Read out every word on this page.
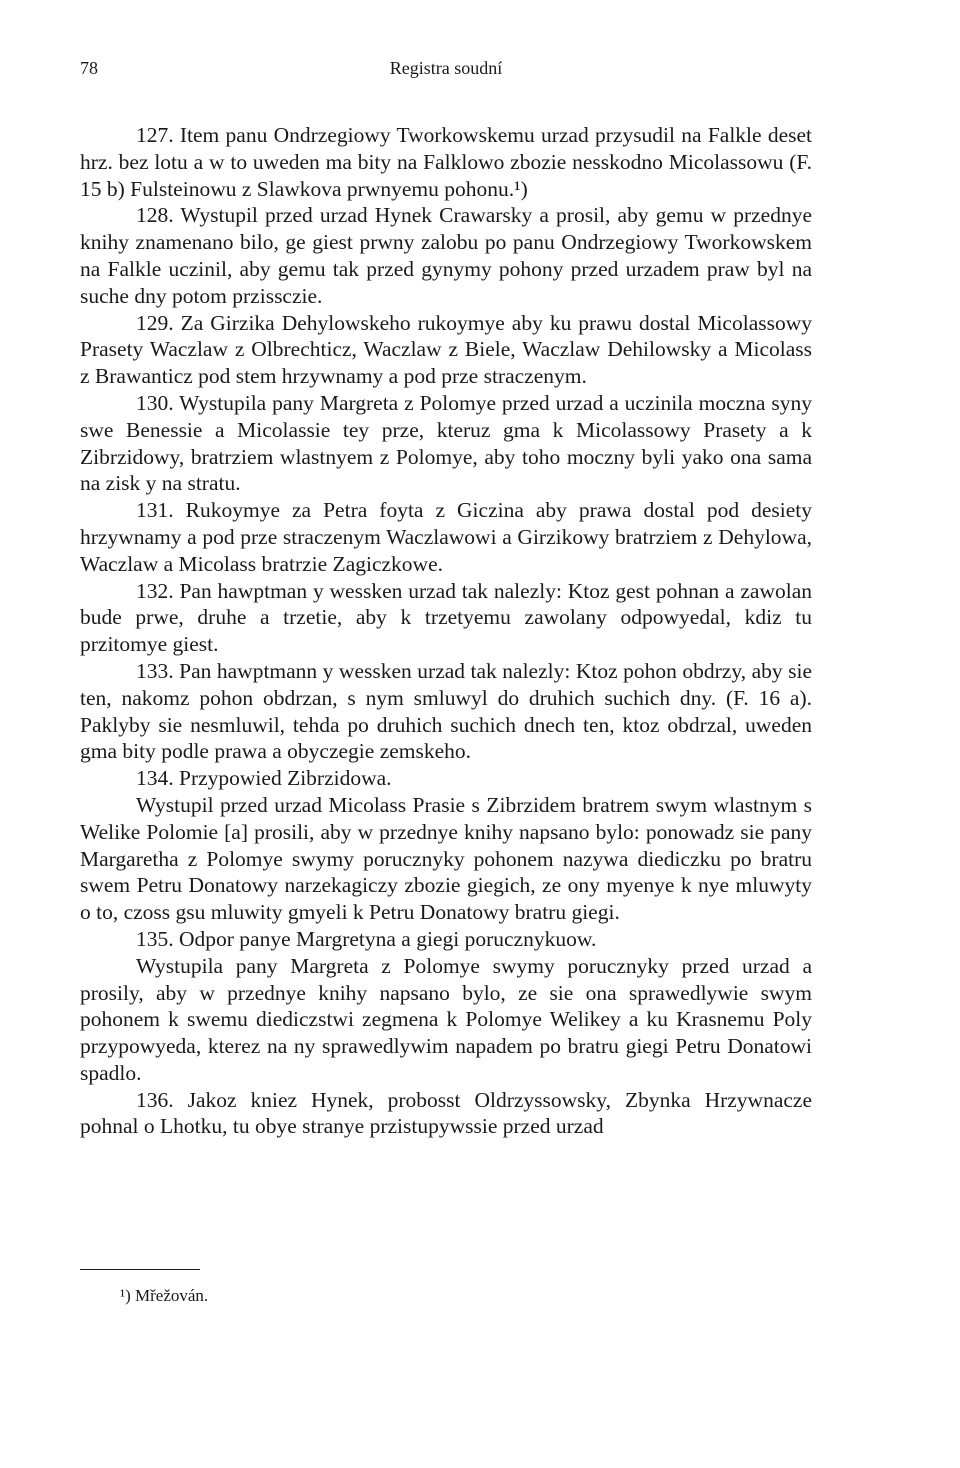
78	Registra soudní

127. Item panu Ondrzegiowy Tworkowskemu urzad przysudil na Falkle deset hrz. bez lotu a w to uweden ma bity na Falklowo zbozie nesskodno Micolassowu (F. 15 b) Fulsteinowu z Slawkova prwnyemu pohonu.¹)

128. Wystupil przed urzad Hynek Crawarsky a prosil, aby gemu w przednye knihy znamenano bilo, ge giest prwny zalobu po panu Ondrzegiowy Tworkowskem na Falkle uczinil, aby gemu tak przed gynymy pohony przed urzadem praw byl na suche dny potom przissczie.

129. Za Girzika Dehylowskeho rukoymye aby ku prawu dostal Micolassowy Prasety Waczlaw z Olbrechticz, Waczlaw z Biele, Waczlaw Dehilowsky a Micolass z Brawanticz pod stem hrzywnamy a pod prze straczenym.

130. Wystupila pany Margreta z Polomye przed urzad a uczinila moczna syny swe Benessie a Micolassie tey prze, kteruz gma k Micolassowy Prasety a k Zibrzidowy, bratrziem wlastnyem z Polomye, aby toho moczny byli yako ona sama na zisk y na stratu.

131. Rukoymye za Petra foyta z Giczina aby prawa dostal pod desiety hrzywnamy a pod prze straczenym Waczlawowi a Girzikowy bratrziem z Dehylowa, Waczlaw a Micolass bratrzie Zagiczkowe.

132. Pan hawptman y wessken urzad tak nalezly: Ktoz gest pohnan a zawolan bude prwe, druhe a trzetie, aby k trzetyemu zawolany odpowyedal, kdiz tu przitomye giest.

133. Pan hawptmann y wessken urzad tak nalezly: Ktoz pohon obdrzy, aby sie ten, nakomz pohon obdrzan, s nym smluwyl do druhich suchich dny. (F. 16 a). Paklyby sie nesmluwil, tehda po druhich suchich dnech ten, ktoz obdrzal, uweden gma bity podle prawa a obyczegie zemskeho.

134. Przypowied Zibrzidowa.

Wystupil przed urzad Micolass Prasie s Zibrzidem bratrem swym wlastnym s Welike Polomie [a] prosili, aby w przednye knihy napsano bylo: ponowadz sie pany Margaretha z Polomye swymy porucznyky pohonem nazywa diediczku po bratru swem Petru Donatowy narzekagiczy zbozie giegich, ze ony myenye k nye mluwyty o to, czoss gsu mluwity gmyeli k Petru Donatowy bratru giegi.

135. Odpor panye Margretyna a giegi porucznykuow.

Wystupila pany Margreta z Polomye swymy porucznyky przed urzad a prosily, aby w przednye knihy napsano bylo, ze sie ona sprawedlywie swym pohonem k swemu diediczstwi zegmena k Polomye Welikey a ku Krasnemu Poly przypowyeda, kterez na ny sprawedlywim napadem po bratru giegi Petru Donatowi spadlo.

136. Jakoz kniez Hynek, probosst Oldrzyssowsky, Zbynka Hrzywnacze pohnal o Lhotku, tu obye stranye przistupywssie przed urzad

¹) Mřežován.
